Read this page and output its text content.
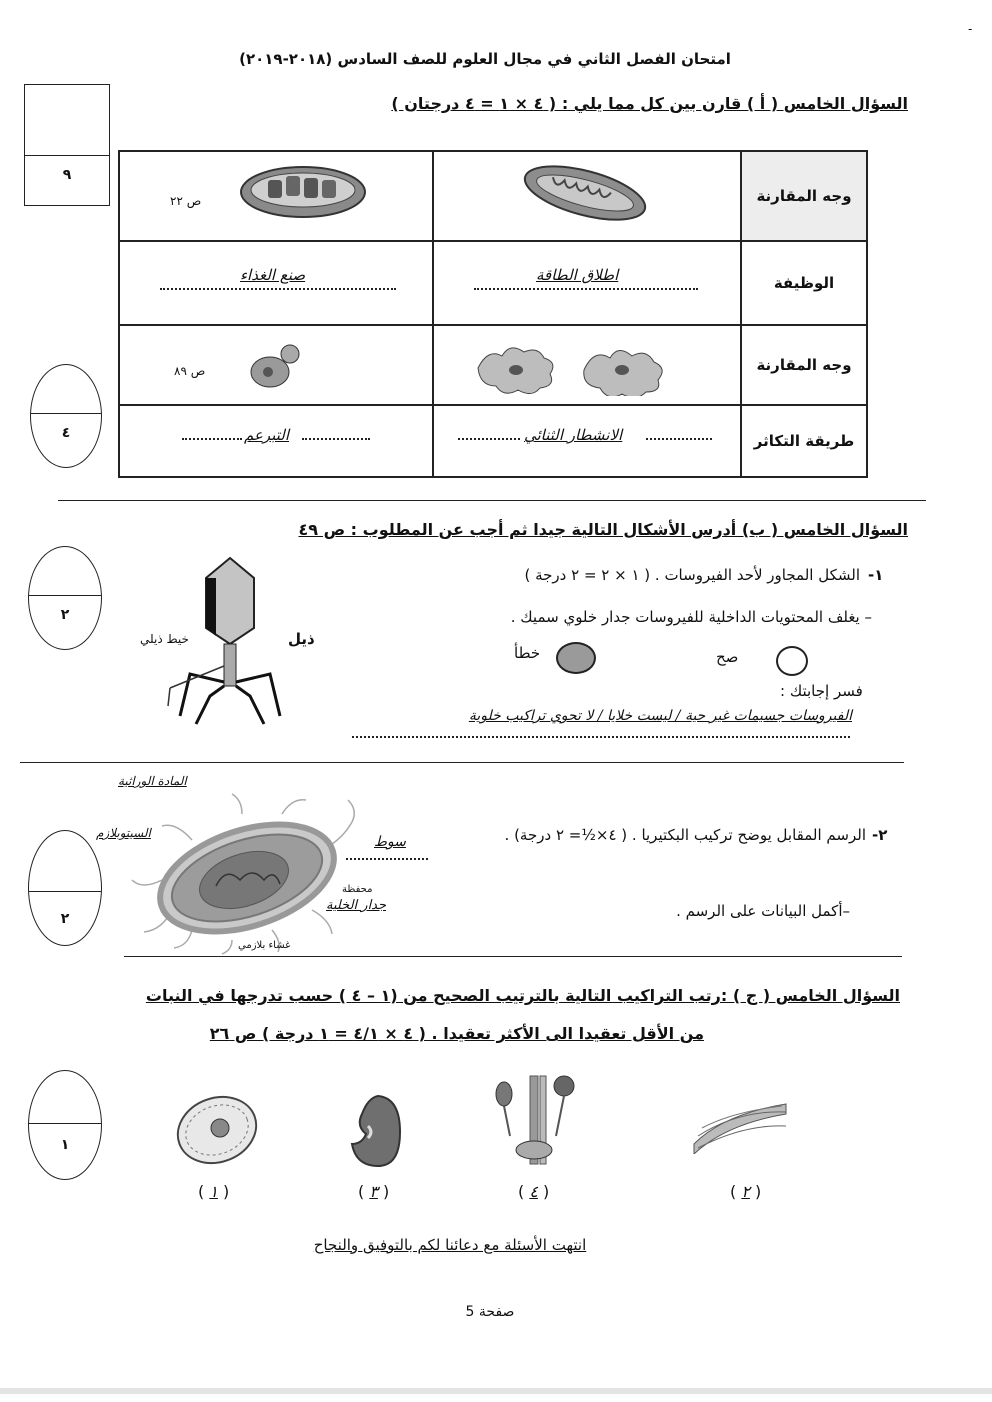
-
امتحان الفصل الثاني في مجال العلوم للصف السادس (٢٠١٨-٢٠١٩)
٩
السؤال الخامس ( أ ) قارن بين كل مما يلي : ( ٤ × ١ = ٤ درجتان )
ص ٢٢		وجه المقارنة

صنع الغذاء	اطلاق الطاقة	الوظيفة

ص ٨٩		وجه المقارنة

التبرعم	الانشطار الثنائي	طريقة التكاثر
٤
السؤال الخامس ( ب) أدرس الأشكال التالية جيدا ثم أجب عن المطلوب : ص ٤٩
٢
ذيل
خيط ذيلي
١-
الشكل المجاور لأحد الفيروسات . ( ١ × ٢ = ٢ درجة )
– يغلف المحتويات الداخلية للفيروسات جدار خلوي سميك .
صح
خطأ
فسر إجابتك :
الفيروسات جسيمات غير حية / ليست خلايا / لا تحوي تراكيب خلوية
٢
المادة الوراثية
السيتوبلازم
سوط
محفظة
جدار الخلية
غشاء بلازمي
٢-
الرسم المقابل يوضح تركيب البكتيريا . ( ٤×½= ٢ درجة) .
–أكمل البيانات على الرسم .
السؤال الخامس ( ج ) :رتب التراكيب التالية بالترتيب الصحيح من (١ – ٤ ) حسب تدرجها في النبات
من الأقل تعقيدا الى الأكثر تعقيدا . ( ٤ × ٤/١ = ١ درجة ) ص ٢٦
١
( ١ )	( ٣ )	( ٤ )	( ٢ )
انتهت الأسئلة مع دعائنا لكم بالتوفيق والنجاح
صفحة 5
